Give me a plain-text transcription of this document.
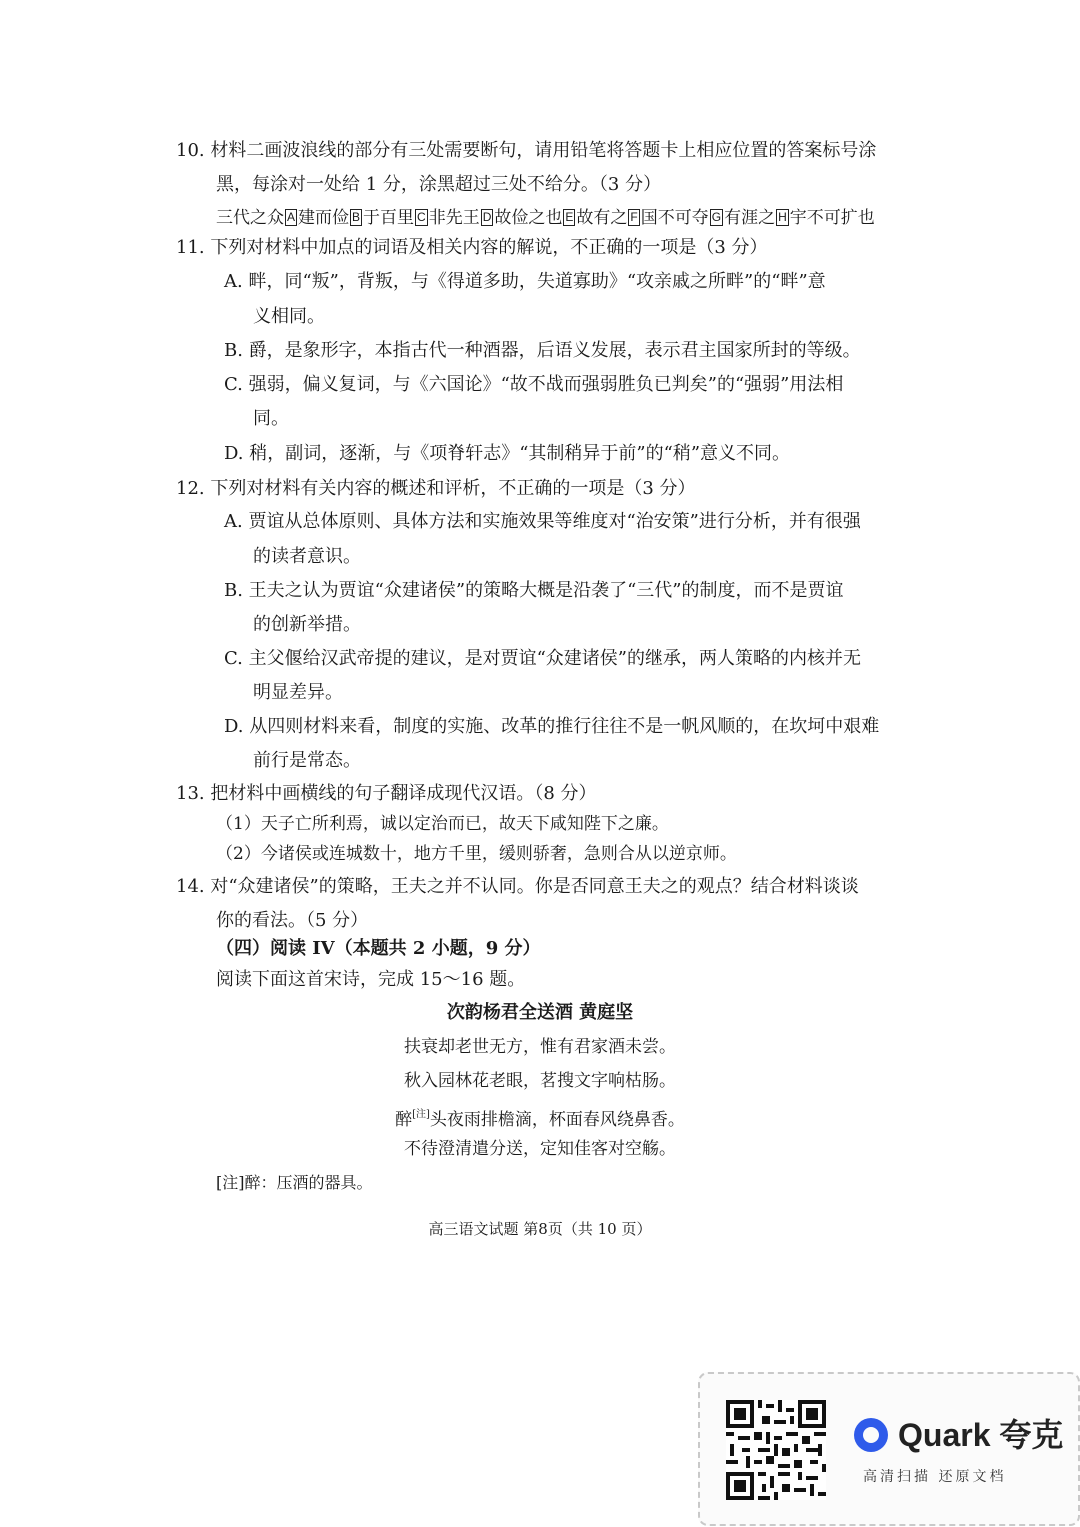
10. 材料二画波浪线的部分有三处需要断句，请用铅笔将答题卡上相应位置的答案标号涂
黑，每涂对一处给 1 分，涂黑超过三处不给分。（3 分）
三代之众 A 建而俭 B 于百里 C 非先王 D 故俭之也 E 故有之 F 国不可夺 G 有涯之 H 宇不可扩也
11. 下列对材料中加点的词语及相关内容的解说，不正确的一项是（3 分）
A. 畔，同“叛”，背叛，与《得道多助，失道寡助》“攻亲戚之所畔”的“畔”意
义相同。
B. 爵，是象形字，本指古代一种酒器，后语义发展，表示君主国家所封的等级。
C. 强弱，偏义复词，与《六国论》“故不战而强弱胜负已判矣”的“强弱”用法相
同。
D. 稍，副词，逐渐，与《项脊轩志》“其制稍异于前”的“稍”意义不同。
12. 下列对材料有关内容的概述和评析，不正确的一项是（3 分）
A. 贾谊从总体原则、具体方法和实施效果等维度对“治安策”进行分析，并有很强
的读者意识。
B. 王夫之认为贾谊“众建诸侯”的策略大概是沿袭了“三代”的制度，而不是贾谊
的创新举措。
C. 主父偃给汉武帝提的建议，是对贾谊“众建诸侯”的继承，两人策略的内核并无
明显差异。
D. 从四则材料来看，制度的实施、改革的推行往往不是一帆风顺的，在坎坷中艰难
前行是常态。
13. 把材料中画横线的句子翻译成现代汉语。（8 分）
（1）天子亡所利焉，诚以定治而已，故天下咸知陛下之廉。
（2）今诸侯或连城数十，地方千里，缓则骄奢，急则合从以逆京师。
14. 对“众建诸侯”的策略，王夫之并不认同。你是否同意王夫之的观点？结合材料谈谈
你的看法。（5 分）
（四）阅读 IV（本题共 2 小题，9 分）
阅读下面这首宋诗，完成 15～16 题。
次韵杨君全送酒 黄庭坚
扶衰却老世无方，惟有君家酒未尝。
秋入园林花老眼，茗搜文字响枯肠。
醉[注]头夜雨排檐滴，杯面春风绕鼻香。
不待澄清遣分送，定知佳客对空觞。
[注]醉：压酒的器具。
高三语文试题 第8页（共 10 页）
Quark 夸克
高清扫描 还原文档
